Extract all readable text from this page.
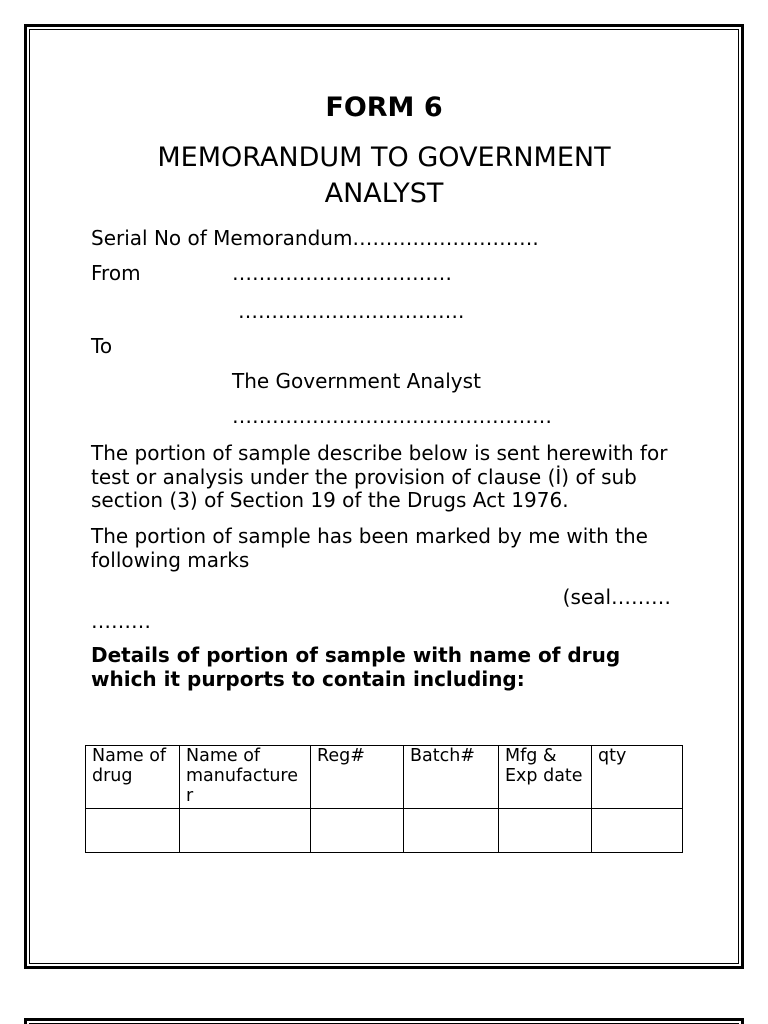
FORM 6
MEMORANDUM TO GOVERNMENT ANALYST
Serial No of Memorandum……………………….
From	……………………………
…………………………….
To
The Government Analyst
…………………………………………
The portion of sample describe below is sent herewith for test or analysis under the provision of clause (İ) of sub section (3) of Section 19 of the Drugs Act 1976.
The portion of sample has been marked by me with the following marks
(seal………
………
Details of portion of sample with name of drug which it purports to contain including:
Name of drug	Name of manufacturer	Reg#	Batch#	Mfg & Exp date	qty
